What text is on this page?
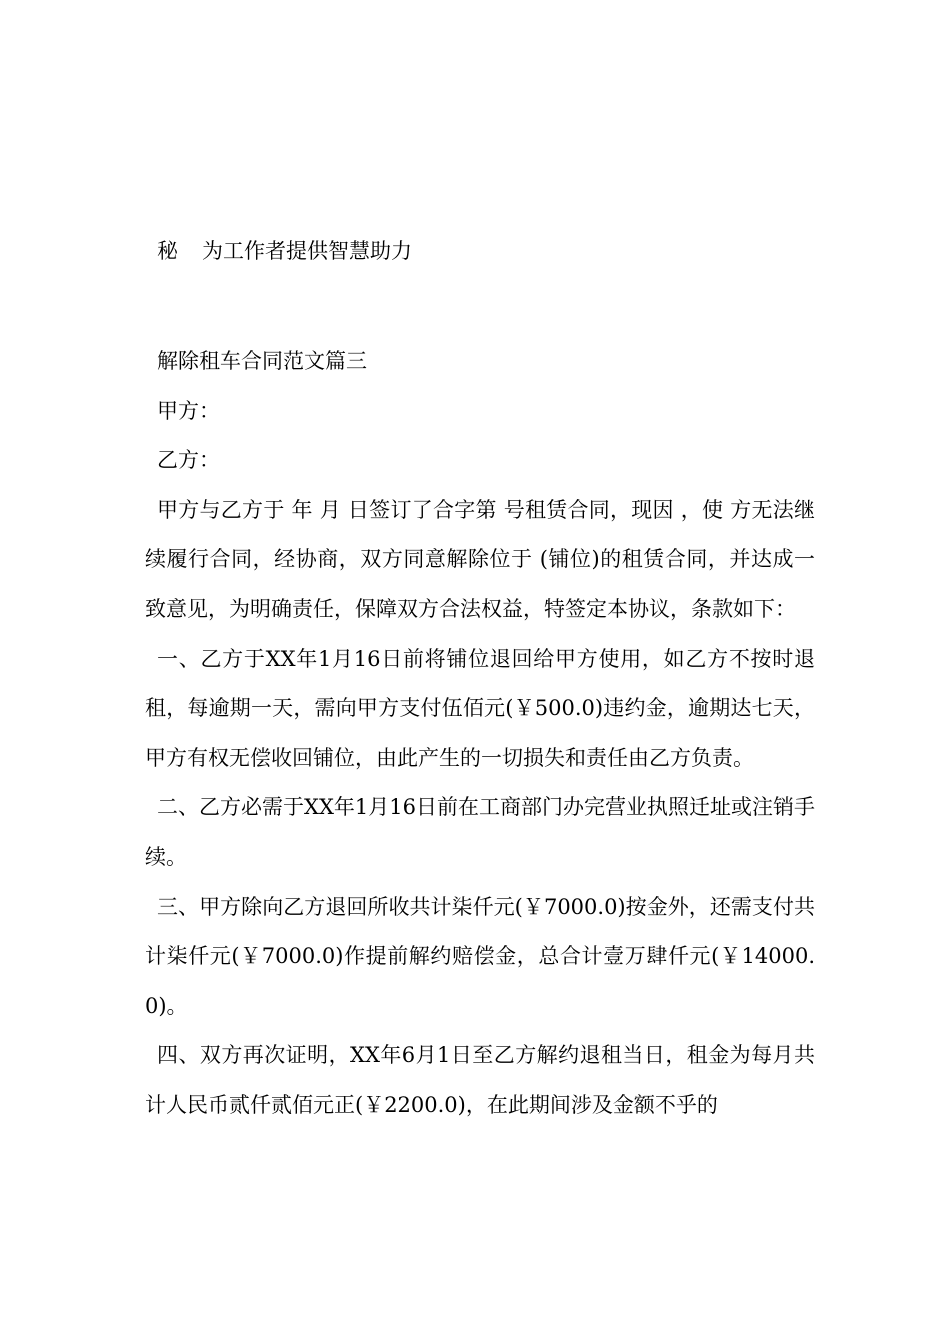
秘 为工作者提供智慧助力

解除租车合同范文篇三

甲方：

乙方：

甲方与乙方于 年 月 日签订了合字第 号租赁合同，现因 ，使 方无法继续履行合同，经协商，双方同意解除位于 (铺位)的租赁合同，并达成一致意见，为明确责任，保障双方合法权益，特签定本协议，条款如下：

一、乙方于XX年1月16日前将铺位退回给甲方使用，如乙方不按时退租，每逾期一天，需向甲方支付伍佰元(￥500.0)违约金，逾期达七天，甲方有权无偿收回铺位，由此产生的一切损失和责任由乙方负责。

二、乙方必需于XX年1月16日前在工商部门办完营业执照迁址或注销手续。

三、甲方除向乙方退回所收共计柒仟元(￥7000.0)按金外，还需支付共计柒仟元(￥7000.0)作提前解约赔偿金，总合计壹万肆仟元(￥14000.0)。

四、双方再次证明，XX年6月1日至乙方解约退租当日，租金为每月共计人民币贰仟贰佰元正(￥2200.0)，在此期间涉及金额不乎的
